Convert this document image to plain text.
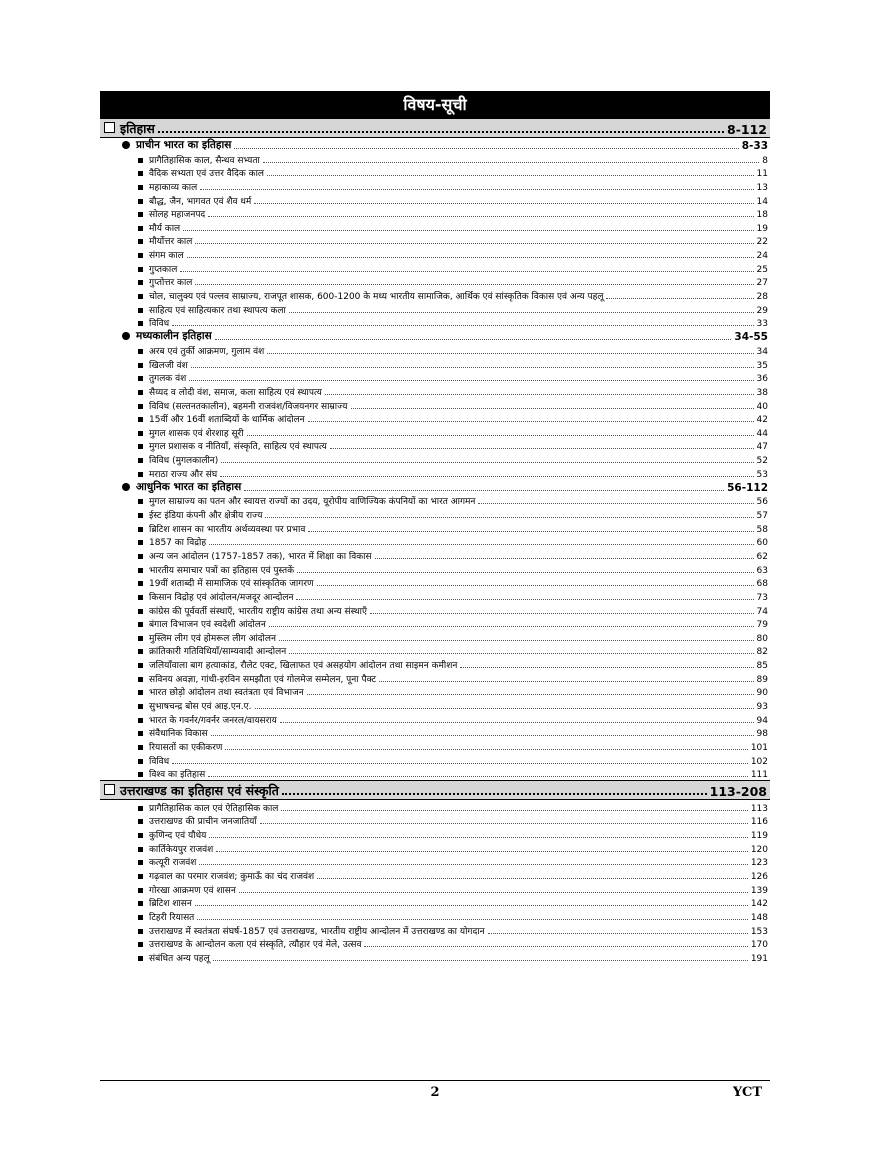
विषय-सूची
इतिहास	8-112
प्राचीन भारत का इतिहास	8-33
प्रागैतिहासिक काल, सैन्धव सभ्यता	8
वैदिक सभ्यता एवं उत्तर वैदिक काल	11
महाकाव्य काल	13
बौद्ध, जैन, भागवत एवं शैव धर्म	14
सोलह महाजनपद	18
मौर्य काल	19
मौर्योत्तर काल	22
संगम काल	24
गुप्तकाल	25
गुप्तोत्तर काल	27
चोल, चालुक्य एवं पल्लव साम्राज्य, राजपूत शासक, 600-1200 के मध्य भारतीय सामाजिक, आर्थिक एवं सांस्कृतिक विकास एवं अन्य पहलू	28
साहित्य एवं साहित्यकार तथा स्थापत्य कला	29
विविध	33
मध्यकालीन इतिहास	34-55
अरब एवं तुर्की आक्रमण, गुलाम वंश	34
खिलजी वंश	35
तुगलक वंश	36
सैय्यद व लोदी वंश, समाज, कला साहित्य एवं स्थापत्य	38
विविध (सल्तनतकालीन), बहमनी राजवंश/विजयनगर साम्राज्य	40
15वीं और 16वीं शताब्दियों के धार्मिक आंदोलन	42
मुगल शासक एवं शेरशाह सूरी	44
मुगल प्रशासक व नीतियाँ, संस्कृति, साहित्य एवं स्थापत्य	47
विविध (मुगलकालीन)	52
मराठा राज्य और संघ	53
आधुनिक भारत का इतिहास	56-112
मुगल साम्राज्य का पतन और स्वायत्त राज्यों का उदय, यूरोपीय वाणिज्यिक कंपनियों का भारत आगमन	56
ईस्ट इंडिया कंपनी और क्षेत्रीय राज्य	57
ब्रिटिश शासन का भारतीय अर्थव्यवस्था पर प्रभाव	58
1857 का विद्रोह	60
अन्य जन आंदोलन (1757-1857 तक), भारत में शिक्षा का विकास	62
भारतीय समाचार पत्रों का इतिहास एवं पुस्तकें	63
19वीं शताब्दी में सामाजिक एवं सांस्कृतिक जागरण	68
किसान विद्रोह एवं आंदोलन/मजदूर आन्दोलन	73
कांग्रेस की पूर्ववर्ती संस्थाएँ, भारतीय राष्ट्रीय कांग्रेस तथा अन्य संस्थाएँ	74
बंगाल विभाजन एवं स्वदेशी आंदोलन	79
मुस्लिम लीग एवं होमरूल लीग आंदोलन	80
क्रांतिकारी गतिविधियाँ/साम्यवादी आन्दोलन	82
जलियाँवाला बाग हत्याकांड, रौलेट एक्ट, खिलाफत एवं असहयोग आंदोलन तथा साइमन कमीशन	85
सविनय अवज्ञा, गांधी-इरविन समझौता एवं गोलमेज सम्मेलन, पूना पैक्ट	89
भारत छोड़ो आंदोलन तथा स्वतंत्रता एवं विभाजन	90
सुभाषचन्द्र बोस एवं आइ.एन.ए.	93
भारत के गवर्नर/गवर्नर जनरल/वायसराय	94
संवैधानिक विकास	98
रियासतों का एकीकरण	101
विविध	102
विश्व का इतिहास	111
उत्तराखण्ड का इतिहास एवं संस्कृति	113-208
प्रागैतिहासिक काल एवं ऐतिहासिक काल	113
उत्तराखण्ड की प्राचीन जनजातियाँ	116
कुणिन्द एवं यौधेय	119
कार्तिकेयपुर राजवंश	120
कत्यूरी राजवंश	123
गढ़वाल का परमार राजवंश; कुमाऊँ का चंद राजवंश	126
गोरखा आक्रमण एवं शासन	139
ब्रिटिश शासन	142
टिहरी रियासत	148
उत्तराखण्ड में स्वतंत्रता संघर्ष-1857 एवं उत्तराखण्ड, भारतीय राष्ट्रीय आन्दोलन में उत्तराखण्ड का योगदान	153
उत्तराखण्ड के आन्दोलन कला एवं संस्कृति, त्यौहार एवं मेले, उत्सव	170
संबंधित अन्य पहलू	191
2	YCT
